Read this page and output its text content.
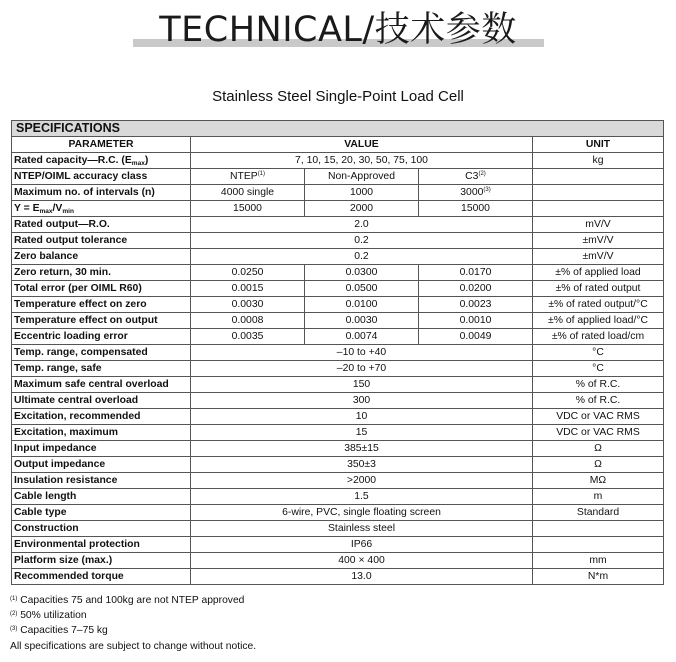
TECHNICAL/技术参数
Stainless Steel Single-Point Load Cell
SPECIFICATIONS				
PARAMETER	VALUE			UNIT
Rated capacity—R.C. $(E_{max})$	7, 10, 15, 20, 30, 50, 75, 100			kg
NTEP/OIML accuracy class	NTEP$^{(1)}$	Non-Approved	C3$^{(2)}$	
Maximum no. of intervals (n)	4000 single	1000	3000$^{(3)}$	
$Y = E_{max}/V_{min}$	15000	2000	15000	
Rated output—R.O.	2.0			mV/V
Rated output tolerance	0.2			±mV/V
Zero balance	0.2			±mV/V
Zero return, 30 min.	0.0250	0.0300	0.0170	±% of applied load
Total error (per OIML R60)	0.0015	0.0500	0.0200	±% of rated output
Temperature effect on zero	0.0030	0.0100	0.0023	±% of rated output/°C
Temperature effect on output	0.0008	0.0030	0.0010	±% of applied load/°C
Eccentric loading error	0.0035	0.0074	0.0049	±% of rated load/cm
Temp. range, compensated	–10 to +40			°C
Temp. range, safe	–20 to +70			°C
Maximum safe central overload	150			% of R.C.
Ultimate central overload	300			% of R.C.
Excitation, recommended	10			VDC or VAC RMS
Excitation, maximum	15			VDC or VAC RMS
Input impedance	385±15			Ω
Output impedance	350±3			Ω
Insulation resistance	>2000			MΩ
Cable length	1.5			m
Cable type	6-wire, PVC, single floating screen			Standard
Construction	Stainless steel			
Environmental protection	IP66			
Platform size (max.)	400 × 400			mm
Recommended torque	13.0			N*m
$^{(1)}$ Capacities 75 and 100kg are not NTEP approved
$^{(2)}$ 50% utilization
$^{(3)}$ Capacities 7–75 kg
All specifications are subject to change without notice.
